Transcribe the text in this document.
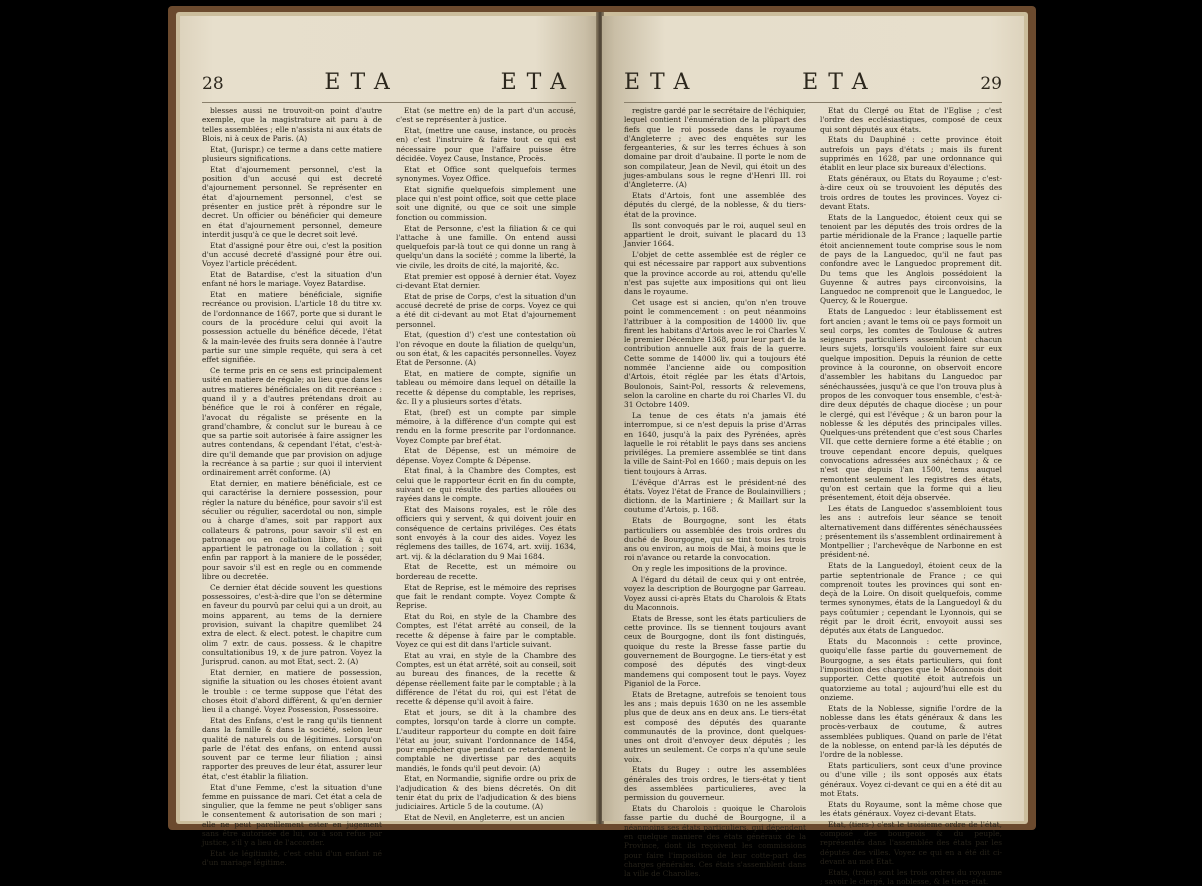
28	ETA	ETA

blesses aussi ne trouvoit-on point d'autre exemple, que la magistrature ait paru à de telles assemblées ; elle n'assista ni aux états de Blois, ni à ceux de Paris. (A)

Etat, (Jurispr.) ce terme a dans cette matiere plusieurs significations.

Etat d'ajournement personnel, c'est la position d'un accusé qui est decreté d'ajournement personnel. Se représenter en état d'ajournement personnel, c'est se présenter en justice prêt à répondre sur le decret. Un officier ou bénéficier qui demeure en état d'ajournement personnel, demeure interdit jusqu'à ce que le decret soit levé.

Etat d'assigné pour être oui, c'est la position d'un accusé decreté d'assigné pour être oui. Voyez l'article précédent.

Etat de Batardise, c'est la situation d'un enfant né hors le mariage. Voyez Batardise.

Etat en matiere bénéficiale, signifie recréance ou provision. L'article 18 du titre xv. de l'ordonnance de 1667, porte que si durant le cours de la procédure celui qui avoit la possession actuelle du bénéfice décede, l'état & la main-levée des fruits sera donnée à l'autre partie sur une simple requête, qui sera à cet effet signifiée.

Ce terme pris en ce sens est principalement usité en matiere de régale; au lieu que dans les autres matieres bénéficiales on dit recréance : quand il y a d'autres prétendans droit au bénéfice que le roi à conférer en régale, l'avocat du régaliste se présente en la grand'chambre, & conclut sur le bureau à ce que sa partie soit autorisée à faire assigner les autres contendans, & cependant l'état, c'est-à-dire qu'il demande que par provision on adjuge la recréance à sa partie ; sur quoi il intervient ordinairement arrêt conforme. (A)

Etat dernier, en matiere bénéficiale, est ce qui caractérise la derniere possession, pour régler la nature du bénéfice, pour savoir s'il est séculier ou régulier, sacerdotal ou non, simple ou à charge d'ames, soit par rapport aux collateurs & patrons, pour savoir s'il est en patronage ou en collation libre, & à qui appartient le patronage ou la collation ; soit enfin par rapport à la maniere de le posséder, pour savoir s'il est en regle ou en commende libre ou decretée.

Ce dernier état décide souvent les questions possessoires, c'est-à-dire que l'on se détermine en faveur du pourvû par celui qui a un droit, au moins apparent, au tems de la derniere provision, suivant la chapitre quemlibet 24 extra de elect. & elect. potest. le chapitre cum olim 7 extr. de caus. possess. & le chapitre consultationibus 19, x de jure patron. Voyez la Jurisprud. canon. au mot Etat, sect. 2. (A)

Etat dernier, en matiere de possession, signifie la situation ou les choses étoient avant le trouble : ce terme suppose que l'état des choses étoit d'abord différent, & qu'en dernier lieu il a changé. Voyez Possession, Possessoire.

Etat des Enfans, c'est le rang qu'ils tiennent dans la famille & dans la société, selon leur qualité de naturels ou de légitimes. Lorsqu'on parle de l'état des enfans, on entend aussi souvent par ce terme leur filiation ; ainsi rapporter des preuves de leur état, assurer leur état, c'est établir la filiation.

Etat d'une Femme, c'est la situation d'une femme en puissance de mari. Cet état a cela de singulier, que la femme ne peut s'obliger sans le consentement & autorisation de son mari ; elle ne peut pareillement ester en jugement sans être autorisée de lui, ou à son refus par justice, s'il y a lieu de l'accorder.

Etat de légitimité, c'est celui d'un enfant né d'un mariage légitime.

Etat (se mettre en) de la part d'un accusé, c'est se représenter à justice.

Etat, (mettre une cause, instance, ou procès en) c'est l'instruire & faire tout ce qui est nécessaire pour que l'affaire puisse être décidée. Voyez Cause, Instance, Procès.

Etat et Office sont quelquefois termes synonymes. Voyez Office.

Etat signifie quelquefois simplement une place qui n'est point office, soit que cette place soit une dignité, ou que ce soit une simple fonction ou commission.

Etat de Personne, c'est la filiation & ce qui l'attache à une famille. On entend aussi quelquefois par-là tout ce qui donne un rang à quelqu'un dans la société ; comme la liberté, la vie civile, les droits de cité, la majorité, &c.

Etat premier est opposé à dernier état. Voyez ci-devant Etat dernier.

Etat de prise de Corps, c'est la situation d'un accusé decreté de prise de corps. Voyez ce qui a été dit ci-devant au mot Etat d'ajournement personnel.

Etat, (question d') c'est une contestation où l'on révoque en doute la filiation de quelqu'un, ou son état, & les capacités personnelles. Voyez Etat de Personne. (A)

Etat, en matiere de compte, signifie un tableau ou mémoire dans lequel on détaille la recette & dépense du comptable, les reprises, &c. Il y a plusieurs sortes d'états.

Etat, (bref) est un compte par simple mémoire, à la différence d'un compte qui est rendu en la forme prescrite par l'ordonnance. Voyez Compte par bref état.

Etat de Dépense, est un mémoire de dépense. Voyez Compte & Dépense.

Etat final, à la Chambre des Comptes, est celui que le rapporteur écrit en fin du compte, suivant ce qui résulte des parties allouées ou rayées dans le compte.

Etat des Maisons royales, est le rôle des officiers qui y servent, & qui doivent jouir en conséquence de certains priviléges. Ces états sont envoyés à la cour des aides. Voyez les réglemens des tailles, de 1674, art. xviij. 1634, art. vij. & la déclaration du 9 Mai 1684.

Etat de Recette, est un mémoire ou bordereau de recette.

Etat de Reprise, est le mémoire des reprises que fait le rendant compte. Voyez Compte & Reprise.

Etat du Roi, en style de la Chambre des Comptes, est l'état arrêté au conseil, de la recette & dépense à faire par le comptable. Voyez ce qui est dit dans l'article suivant.

Etat au vrai, en style de la Chambre des Comptes, est un état arrêté, soit au conseil, soit au bureau des finances, de la recette & dépense réellement faite par le comptable ; à la différence de l'état du roi, qui est l'état de recette & dépense qu'il avoit à faire.

Etat et jours, se dit à la chambre des comptes, lorsqu'on tarde à clorre un compte. L'auditeur rapporteur du compte en doit faire l'état au jour, suivant l'ordonnance de 1454, pour empêcher que pendant ce retardement le comptable ne divertisse par des acquits mandiés, le fonds qu'il peut devoir. (A)

Etat, en Normandie, signifie ordre ou prix de l'adjudication & des biens décretés. On dit tenir état du prix de l'adjudication & des biens judiciaires. Article 5 de la coutume. (A)

Etat de Nevil, en Angleterre, est un ancien

ETA	ETA	29

registre gardé par le secrétaire de l'échiquier, lequel contient l'énumération de la plûpart des fiefs que le roi possede dans le royaume d'Angleterre ; avec des enquêtes sur les fergeanteries, & sur les terres échues à son domaine par droit d'aubaine. Il porte le nom de son compilateur, Jean de Nevil, qui étoit un des juges-ambulans sous le regne d'Henri III. roi d'Angleterre. (A)

Etats d'Artois, font une assemblée des députés du clergé, de la noblesse, & du tiers-état de la province.

Ils sont convoqués par le roi, auquel seul en appartient le droit, suivant le placard du 13 Janvier 1664.

L'objet de cette assemblée est de régler ce qui est nécessaire par rapport aux subventions que la province accorde au roi, attendu qu'elle n'est pas sujette aux impositions qui ont lieu dans le royaume.

Cet usage est si ancien, qu'on n'en trouve point le commencement : on peut néanmoins l'attribuer à la composition de 14000 liv. que firent les habitans d'Artois avec le roi Charles V. le premier Décembre 1368, pour leur part de la contribution annuelle aux frais de la guerre. Cette somme de 14000 liv. qui a toujours été nommée l'ancienne aide ou composition d'Artois, étoit réglée par les états d'Artois, Boulonois, Saint-Pol, ressorts & relevemens, selon la caroline en charte du roi Charles VI. du 31 Octobre 1409.

La tenue de ces états n'a jamais été interrompue, si ce n'est depuis la prise d'Arras en 1640, jusqu'à la paix des Pyrénées, après laquelle le roi rétablit le pays dans ses anciens priviléges. La premiere assemblée se tint dans la ville de Saint-Pol en 1660 ; mais depuis on les tient toujours à Arras.

L'évêque d'Arras est le président-né des états. Voyez l'état de France de Boulainvilliers ; dictionn. de la Martiniere ; & Maillart sur la coutume d'Artois, p. 168.

Etats de Bourgogne, sont les états particuliers ou assemblée des trois ordres du duché de Bourgogne, qui se tint tous les trois ans ou environ, au mois de Mai, à moins que le roi n'avance ou retarde la convocation.

On y regle les impositions de la province.

A l'égard du détail de ceux qui y ont entrée, voyez la description de Bourgogne par Garreau. Voyez aussi ci-après Etats du Charolois & Etats du Maconnois.

Etats de Bresse, sont les états particuliers de cette province. Ils se tiennent toujours avant ceux de Bourgogne, dont ils font distingués, quoique du reste la Bresse fasse partie du gouvernement de Bourgogne. Le tiers-état y est composé des députés des vingt-deux mandemens qui composent tout le pays. Voyez Piganiol de la Force.

Etats de Bretagne, autrefois se tenoient tous les ans ; mais depuis 1630 on ne les assemble plus que de deux ans en deux ans. Le tiers-état est composé des députés des quarante communautés de la province, dont quelques-unes ont droit d'envoyer deux députés ; les autres un seulement. Ce corps n'a qu'une seule voix.

Etats du Bugey : outre les assemblées générales des trois ordres, le tiers-état y tient des assemblées particulieres, avec la permission du gouverneur.

Etats du Charolois : quoique le Charolois fasse partie du duché de Bourgogne, il a néanmoins ses états particuliers, qui dépendent en quelque maniere des états généraux de la Province, dont ils reçoivent les commissions pour faire l'imposition de leur cotte-part des charges générales. Ces états s'assemblent dans la ville de Charolles.

Etat du Clergé ou Etat de l'Eglise ; c'est l'ordre des ecclésiastiques, composé de ceux qui sont députés aux états.

Etats du Dauphiné : cette province étoit autrefois un pays d'états ; mais ils furent supprimés en 1628, par une ordonnance qui établit en leur place six bureaux d'élections.

Etats généraux, ou Etats du Royaume ; c'est-à-dire ceux où se trouvoient les députés des trois ordres de toutes les provinces. Voyez ci-devant Etats.

Etats de la Languedoc, étoient ceux qui se tenoient par les députés des trois ordres de la partie méridionale de la France ; laquelle partie étoit anciennement toute comprise sous le nom de pays de la Languedoc, qu'il ne faut pas confondre avec le Languedoc proprement dit. Du tems que les Anglois possédoient la Guyenne & autres pays circonvoisins, la Languedoc ne comprenoit que le Languedoc, le Quercy, & le Rouergue.

Etats de Languedoc : leur établissement est fort ancien ; avant le tems où ce pays formoit un seul corps, les comtes de Toulouse & autres seigneurs particuliers assembloient chacun leurs sujets, lorsqu'ils vouloient faire sur eux quelque imposition. Depuis la réunion de cette province à la couronne, on observoit encore d'assembler les habitans du Languedoc par sénéchaussées, jusqu'à ce que l'on trouva plus à propos de les convoquer tous ensemble, c'est-à-dire deux députés de chaque diocèse ; un pour le clergé, qui est l'évêque ; & un baron pour la noblesse & les députés des principales villes. Quelques-uns prétendent que c'est sous Charles VII. que cette derniere forme a été établie ; on trouve cependant encore depuis, quelques convocations adressées aux sénéchaux ; & ce n'est que depuis l'an 1500, tems auquel remontent seulement les registres des états, qu'on est certain que la forme qui a lieu présentement, étoit déja observée.

Les états de Languedoc s'assembloient tous les ans : autrefois leur séance se tenoit alternativement dans différentes sénéchaussées ; présentement ils s'assemblent ordinairement à Montpellier ; l'archevêque de Narbonne en est président-né.

Etats de la Languedoyl, étoient ceux de la partie septentrionale de France ; ce qui comprenoit toutes les provinces qui sont en-deçà de la Loire. On disoit quelquefois, comme termes synonymes, états de la Languedoyl & du pays coûtumier ; cependant le Lyonnois, qui se régit par le droit écrit, envoyoit aussi ses députés aux états de Languedoc.

Etats du Maconnois : cette province, quoiqu'elle fasse partie du gouvernement de Bourgogne, a ses états particuliers, qui font l'imposition des charges que le Mâconnois doit supporter. Cette quotité étoit autrefois un quatorzieme au total ; aujourd'hui elle est du onzieme.

Etats de la Noblesse, signifie l'ordre de la noblesse dans les états généraux & dans les procès-verbaux de coutume, & autres assemblées publiques. Quand on parle de l'état de la noblesse, on entend par-là les députés de l'ordre de la noblesse.

Etats particuliers, sont ceux d'une province ou d'une ville ; ils sont opposés aux états généraux. Voyez ci-devant ce qui en a été dit au mot Etats.

Etats du Royaume, sont la même chose que les états généraux. Voyez ci-devant Etats.

Etat, (tiers-) c'est le troisieme ordre de l'état, composé des bourgeois & du peuple, représentés dans l'assemblée des états par les députés des villes. Voyez ce qui en a été dit ci-devant au mot Etat.

Etats, (trois) sont les trois ordres du royaume ; savoir le clergé, la noblesse, & le tiers-état.
